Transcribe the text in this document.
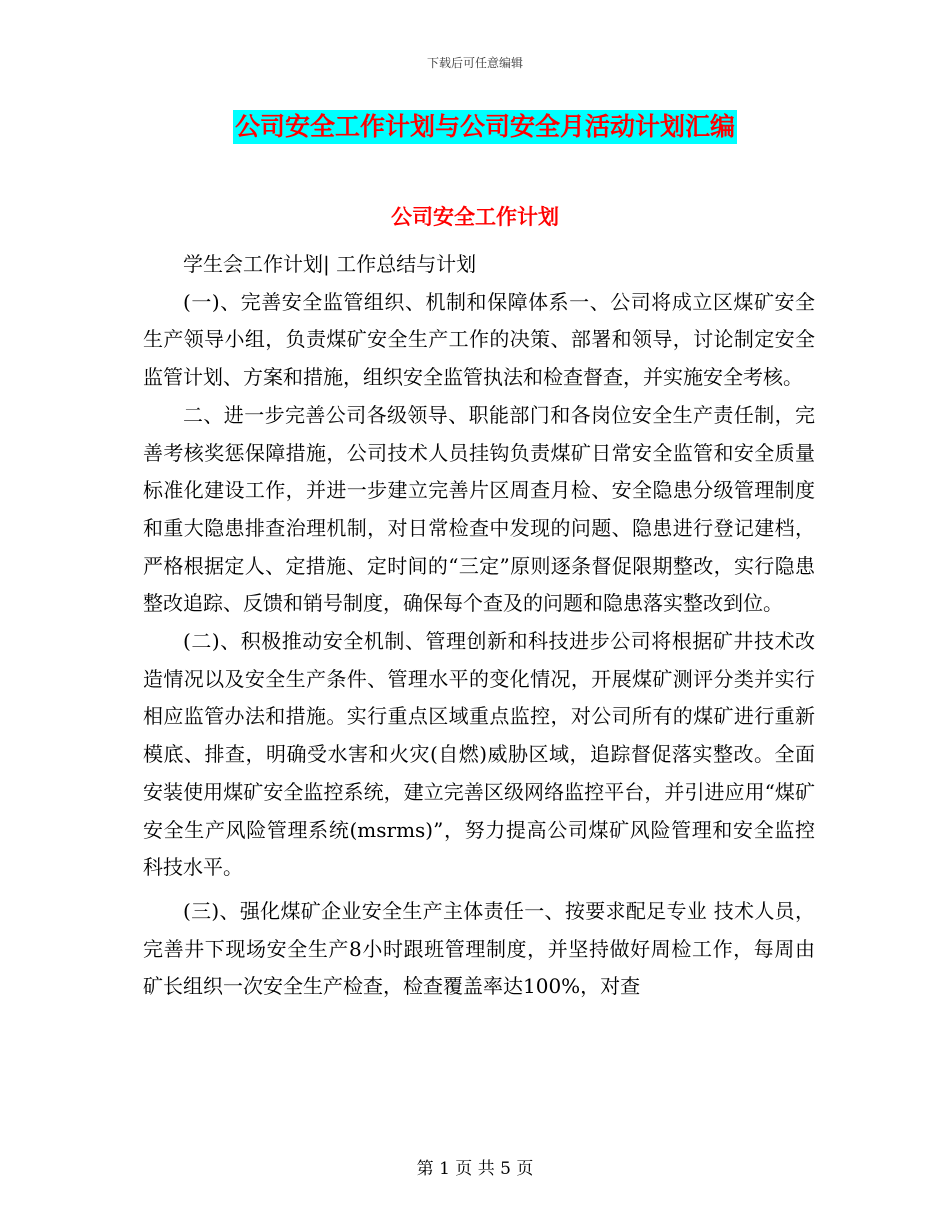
下载后可任意编辑
公司安全工作计划与公司安全月活动计划汇编
公司安全工作计划

学生会工作计划| 工作总结与计划

(一)、完善安全监管组织、机制和保障体系一、公司将成立区煤矿安全生产领导小组，负责煤矿安全生产工作的决策、部署和领导，讨论制定安全监管计划、方案和措施，组织安全监管执法和检查督查，并实施安全考核。

二、进一步完善公司各级领导、职能部门和各岗位安全生产责任制，完善考核奖惩保障措施，公司技术人员挂钩负责煤矿日常安全监管和安全质量标准化建设工作，并进一步建立完善片区周查月检、安全隐患分级管理制度和重大隐患排查治理机制，对日常检查中发现的问题、隐患进行登记建档，严格根据定人、定措施、定时间的“三定”原则逐条督促限期整改，实行隐患整改追踪、反馈和销号制度，确保每个查及的问题和隐患落实整改到位。

(二)、积极推动安全机制、管理创新和科技进步公司将根据矿井技术改造情况以及安全生产条件、管理水平的变化情况，开展煤矿测评分类并实行相应监管办法和措施。实行重点区域重点监控，对公司所有的煤矿进行重新模底、排查，明确受水害和火灾(自燃)威胁区域，追踪督促落实整改。全面安装使用煤矿安全监控系统，建立完善区级网络监控平台，并引进应用“煤矿安全生产风险管理系统(msrms)”，努力提高公司煤矿风险管理和安全监控科技水平。

(三)、强化煤矿企业安全生产主体责任一、按要求配足专业 技术人员，完善井下现场安全生产8小时跟班管理制度，并坚持做好周检工作，每周由矿长组织一次安全生产检查，检查覆盖率达100%，对查

第 1 页 共 5 页
